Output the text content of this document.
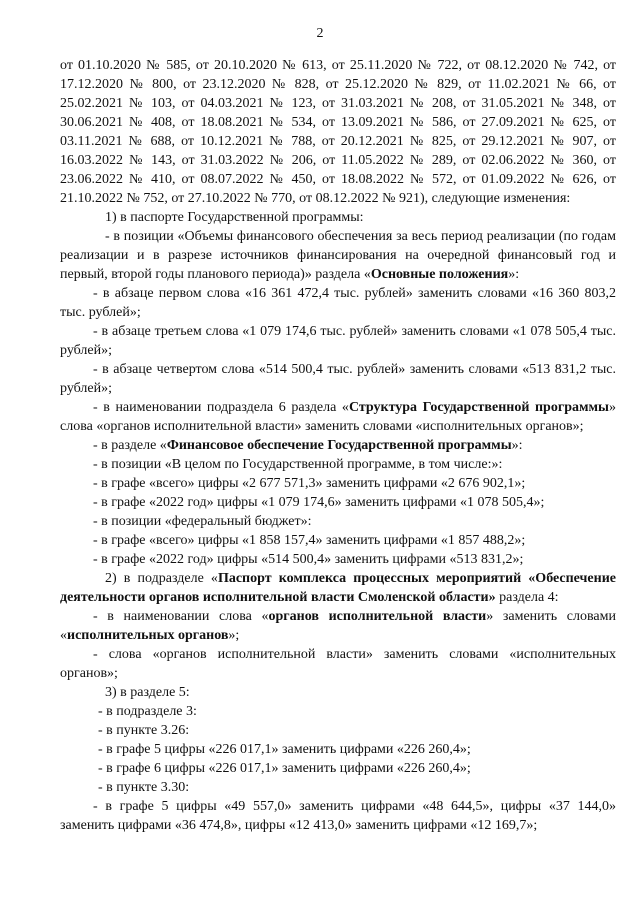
2

от 01.10.2020 № 585, от 20.10.2020 № 613, от 25.11.2020 № 722, от 08.12.2020 № 742, от 17.12.2020 № 800, от 23.12.2020 № 828, от 25.12.2020 № 829, от 11.02.2021 № 66, от 25.02.2021 № 103, от 04.03.2021 № 123, от 31.03.2021 № 208, от 31.05.2021 № 348, от 30.06.2021 № 408, от 18.08.2021 № 534, от 13.09.2021 № 586, от 27.09.2021 № 625, от 03.11.2021 № 688, от 10.12.2021 № 788, от 20.12.2021 № 825, от 29.12.2021 № 907, от 16.03.2022 № 143, от 31.03.2022 № 206, от 11.05.2022 № 289, от 02.06.2022 № 360, от 23.06.2022 № 410, от 08.07.2022 № 450, от 18.08.2022 № 572, от 01.09.2022 № 626, от 21.10.2022 № 752, от 27.10.2022 № 770, от 08.12.2022 № 921), следующие изменения:

1) в паспорте Государственной программы:

- в позиции «Объемы финансового обеспечения за весь период реализации (по годам реализации и в разрезе источников финансирования на очередной финансовый год и первый, второй годы планового периода)» раздела «Основные положения»:

- в абзаце первом слова «16 361 472,4 тыс. рублей» заменить словами «16 360 803,2 тыс. рублей»;

- в абзаце третьем слова «1 079 174,6 тыс. рублей» заменить словами «1 078 505,4 тыс. рублей»;

- в абзаце четвертом слова «514 500,4 тыс. рублей» заменить словами «513 831,2 тыс. рублей»;

- в наименовании подраздела 6 раздела «Структура Государственной программы» слова «органов исполнительной власти» заменить словами «исполнительных органов»;

- в разделе «Финансовое обеспечение Государственной программы»:

- в позиции «В целом по Государственной программе, в том числе:»:

- в графе «всего» цифры «2 677 571,3» заменить цифрами «2 676 902,1»;

- в графе «2022 год» цифры «1 079 174,6» заменить цифрами «1 078 505,4»;

- в позиции «федеральный бюджет»:

- в графе «всего» цифры «1 858 157,4» заменить цифрами «1 857 488,2»;

- в графе «2022 год» цифры «514 500,4» заменить цифрами «513 831,2»;

2) в подразделе «Паспорт комплекса процессных мероприятий «Обеспечение деятельности органов исполнительной власти Смоленской области» раздела 4:

- в наименовании слова «органов исполнительной власти» заменить словами «исполнительных органов»;

- слова «органов исполнительной власти» заменить словами «исполнительных органов»;

3) в разделе 5:

- в подразделе 3:

- в пункте 3.26:

- в графе 5 цифры «226 017,1» заменить цифрами «226 260,4»;

- в графе 6 цифры «226 017,1» заменить цифрами «226 260,4»;

- в пункте 3.30:

- в графе 5 цифры «49 557,0» заменить цифрами «48 644,5», цифры «37 144,0» заменить цифрами «36 474,8», цифры «12 413,0» заменить цифрами «12 169,7»;
